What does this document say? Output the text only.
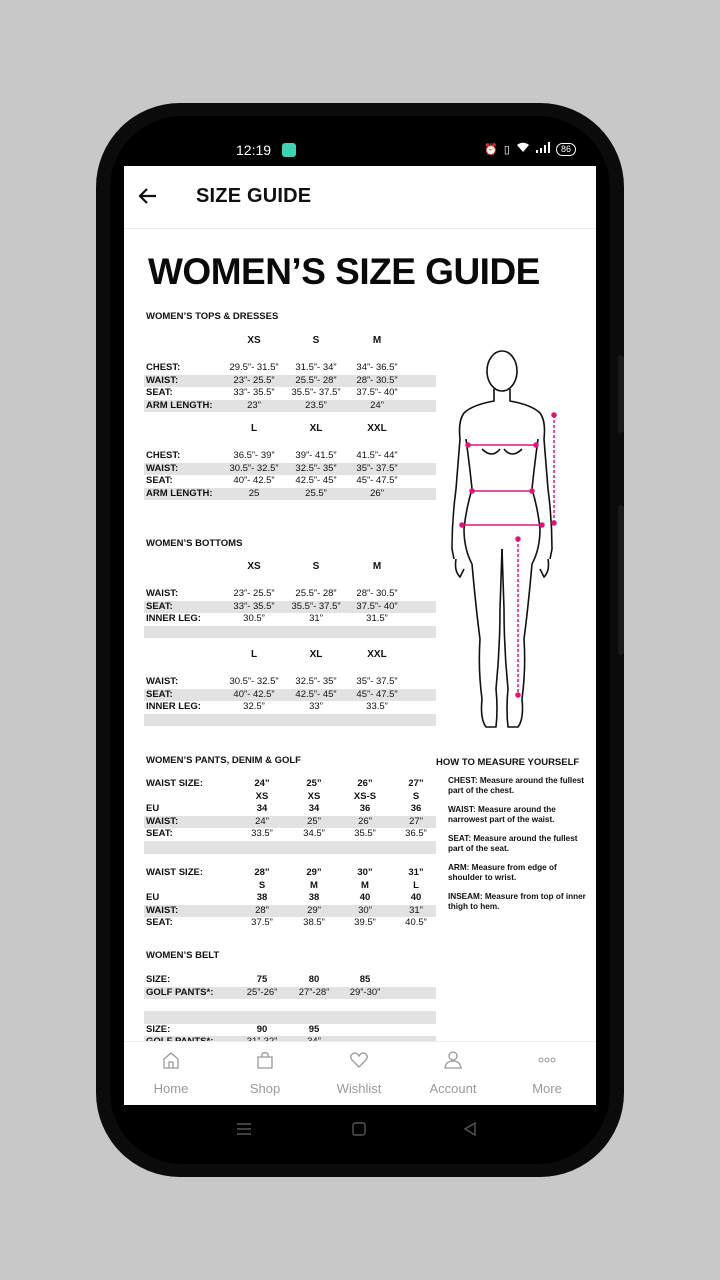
12:19	⏰ ▯	86
SIZE GUIDE
WOMEN’S SIZE GUIDE
WOMEN’S TOPS & DRESSES
XS	S	M
CHEST:	29.5”- 31.5”	31.5”- 34”	34”- 36.5”
WAIST:	23”- 25.5”	25.5”- 28”	28”- 30.5”
SEAT:	33”- 35.5”	35.5”- 37.5”	37.5”- 40”
ARM LENGTH:	23”	23.5”	24”
L	XL	XXL
CHEST:	36.5”- 39”	39”- 41.5”	41.5”- 44”
WAIST:	30.5”- 32.5”	32.5”- 35”	35”- 37.5”
SEAT:	40”- 42.5”	42.5”- 45”	45”- 47.5”
ARM LENGTH:	25	25.5”	26”
WOMEN’S BOTTOMS
XS	S	M
WAIST:	23”- 25.5”	25.5”- 28”	28”- 30.5”
SEAT:	33”- 35.5”	35.5”- 37.5”	37.5”- 40”
INNER LEG:	30.5”	31”	31.5”
L	XL	XXL
WAIST:	30.5”- 32.5”	32.5”- 35”	35”- 37.5”
SEAT:	40”- 42.5”	42.5”- 45”	45”- 47.5”
INNER LEG:	32.5”	33”	33.5”
WOMEN’S PANTS, DENIM & GOLF
WAIST SIZE:	24”	25”	26”	27”
XS	XS	XS-S	S
EU	34	34	36	36
WAIST:	24”	25”	26”	27”
SEAT:	33.5”	34.5”	35.5”	36.5”
WAIST SIZE:	28”	29”	30”	31”
S	M	M	L
EU	38	38	40	40
WAIST:	28”	29”	30”	31”
SEAT:	37.5”	38.5”	39.5”	40.5”
WOMEN’S BELT
SIZE:	75	80	85
GOLF PANTS*:	25”-26”	27”-28”	29”-30”
SIZE:	90	95
HOW TO MEASURE YOURSELF
CHEST: Measure around the fullest part of the chest.
WAIST: Measure around the narrowest part of the waist.
SEAT: Measure around the fullest part of the seat.
ARM: Measure from edge of shoulder to wrist.
INSEAM: Measure from top of inner thigh to hem.
Home	Shop	Wishlist	Account	More
